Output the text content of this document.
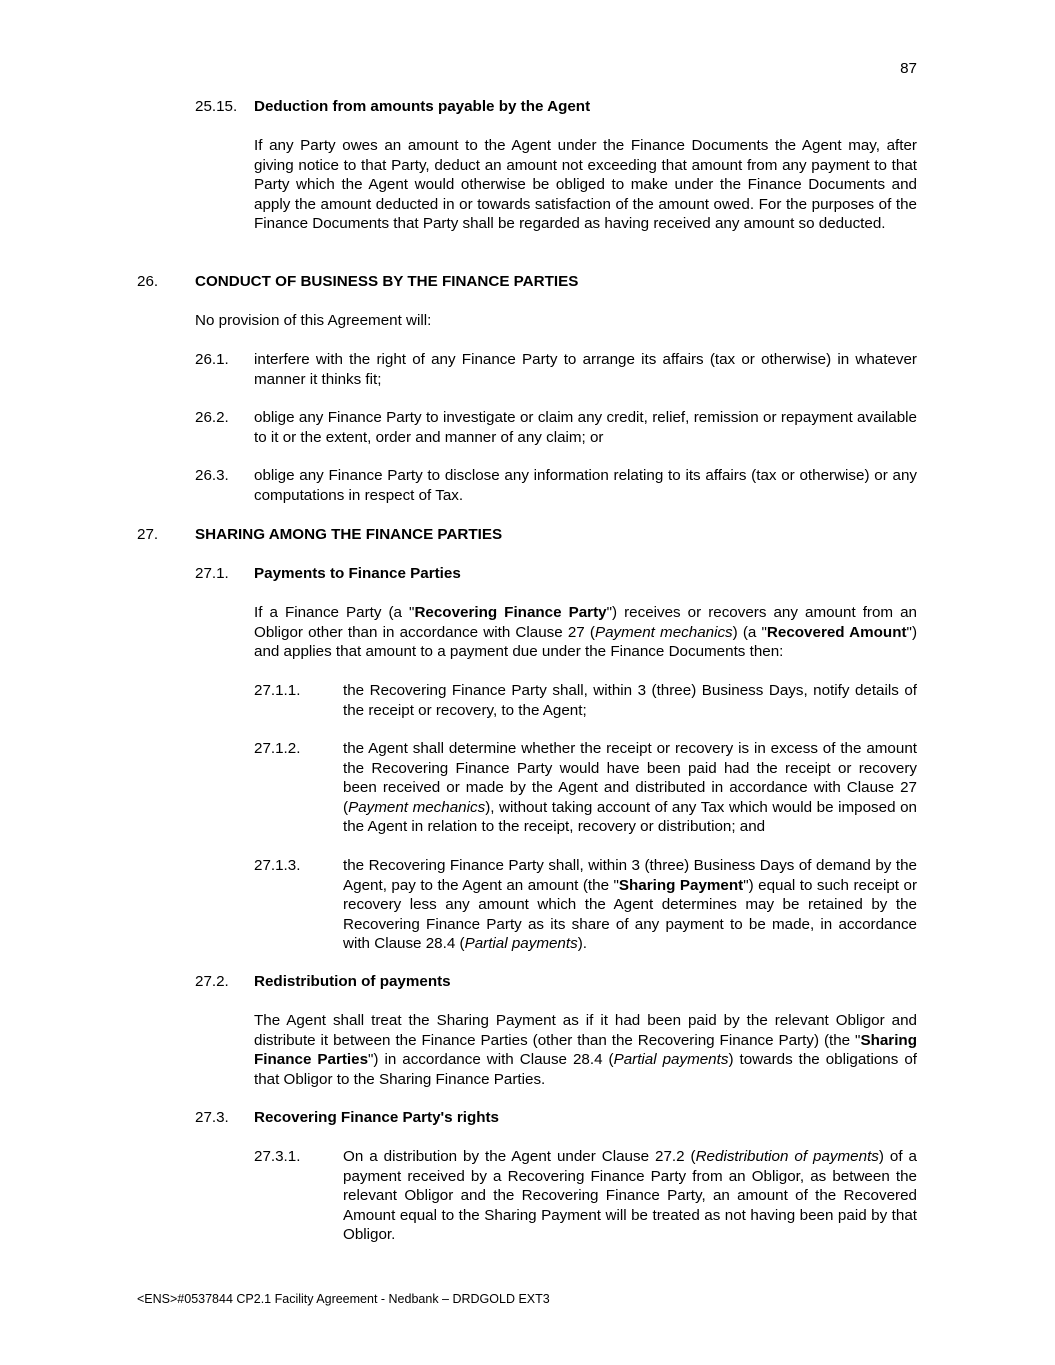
87
25.15. Deduction from amounts payable by the Agent
If any Party owes an amount to the Agent under the Finance Documents the Agent may, after giving notice to that Party, deduct an amount not exceeding that amount from any payment to that Party which the Agent would otherwise be obliged to make under the Finance Documents and apply the amount deducted in or towards satisfaction of the amount owed. For the purposes of the Finance Documents that Party shall be regarded as having received any amount so deducted.
26. CONDUCT OF BUSINESS BY THE FINANCE PARTIES
No provision of this Agreement will:
26.1. interfere with the right of any Finance Party to arrange its affairs (tax or otherwise) in whatever manner it thinks fit;
26.2. oblige any Finance Party to investigate or claim any credit, relief, remission or repayment available to it or the extent, order and manner of any claim; or
26.3. oblige any Finance Party to disclose any information relating to its affairs (tax or otherwise) or any computations in respect of Tax.
27. SHARING AMONG THE FINANCE PARTIES
27.1. Payments to Finance Parties
If a Finance Party (a "Recovering Finance Party") receives or recovers any amount from an Obligor other than in accordance with Clause 27 (Payment mechanics) (a "Recovered Amount") and applies that amount to a payment due under the Finance Documents then:
27.1.1.	the Recovering Finance Party shall, within 3 (three) Business Days, notify details of the receipt or recovery, to the Agent;
27.1.2.	the Agent shall determine whether the receipt or recovery is in excess of the amount the Recovering Finance Party would have been paid had the receipt or recovery been received or made by the Agent and distributed in accordance with Clause 27 (Payment mechanics), without taking account of any Tax which would be imposed on the Agent in relation to the receipt, recovery or distribution; and
27.1.3.	the Recovering Finance Party shall, within 3 (three) Business Days of demand by the Agent, pay to the Agent an amount (the "Sharing Payment") equal to such receipt or recovery less any amount which the Agent determines may be retained by the Recovering Finance Party as its share of any payment to be made, in accordance with Clause 28.4 (Partial payments).
27.2. Redistribution of payments
The Agent shall treat the Sharing Payment as if it had been paid by the relevant Obligor and distribute it between the Finance Parties (other than the Recovering Finance Party) (the "Sharing Finance Parties") in accordance with Clause 28.4 (Partial payments) towards the obligations of that Obligor to the Sharing Finance Parties.
27.3. Recovering Finance Party's rights
27.3.1.	On a distribution by the Agent under Clause 27.2 (Redistribution of payments) of a payment received by a Recovering Finance Party from an Obligor, as between the relevant Obligor and the Recovering Finance Party, an amount of the Recovered Amount equal to the Sharing Payment will be treated as not having been paid by that Obligor.
<ENS>#0537844 CP2.1 Facility Agreement - Nedbank – DRDGOLD EXT3
